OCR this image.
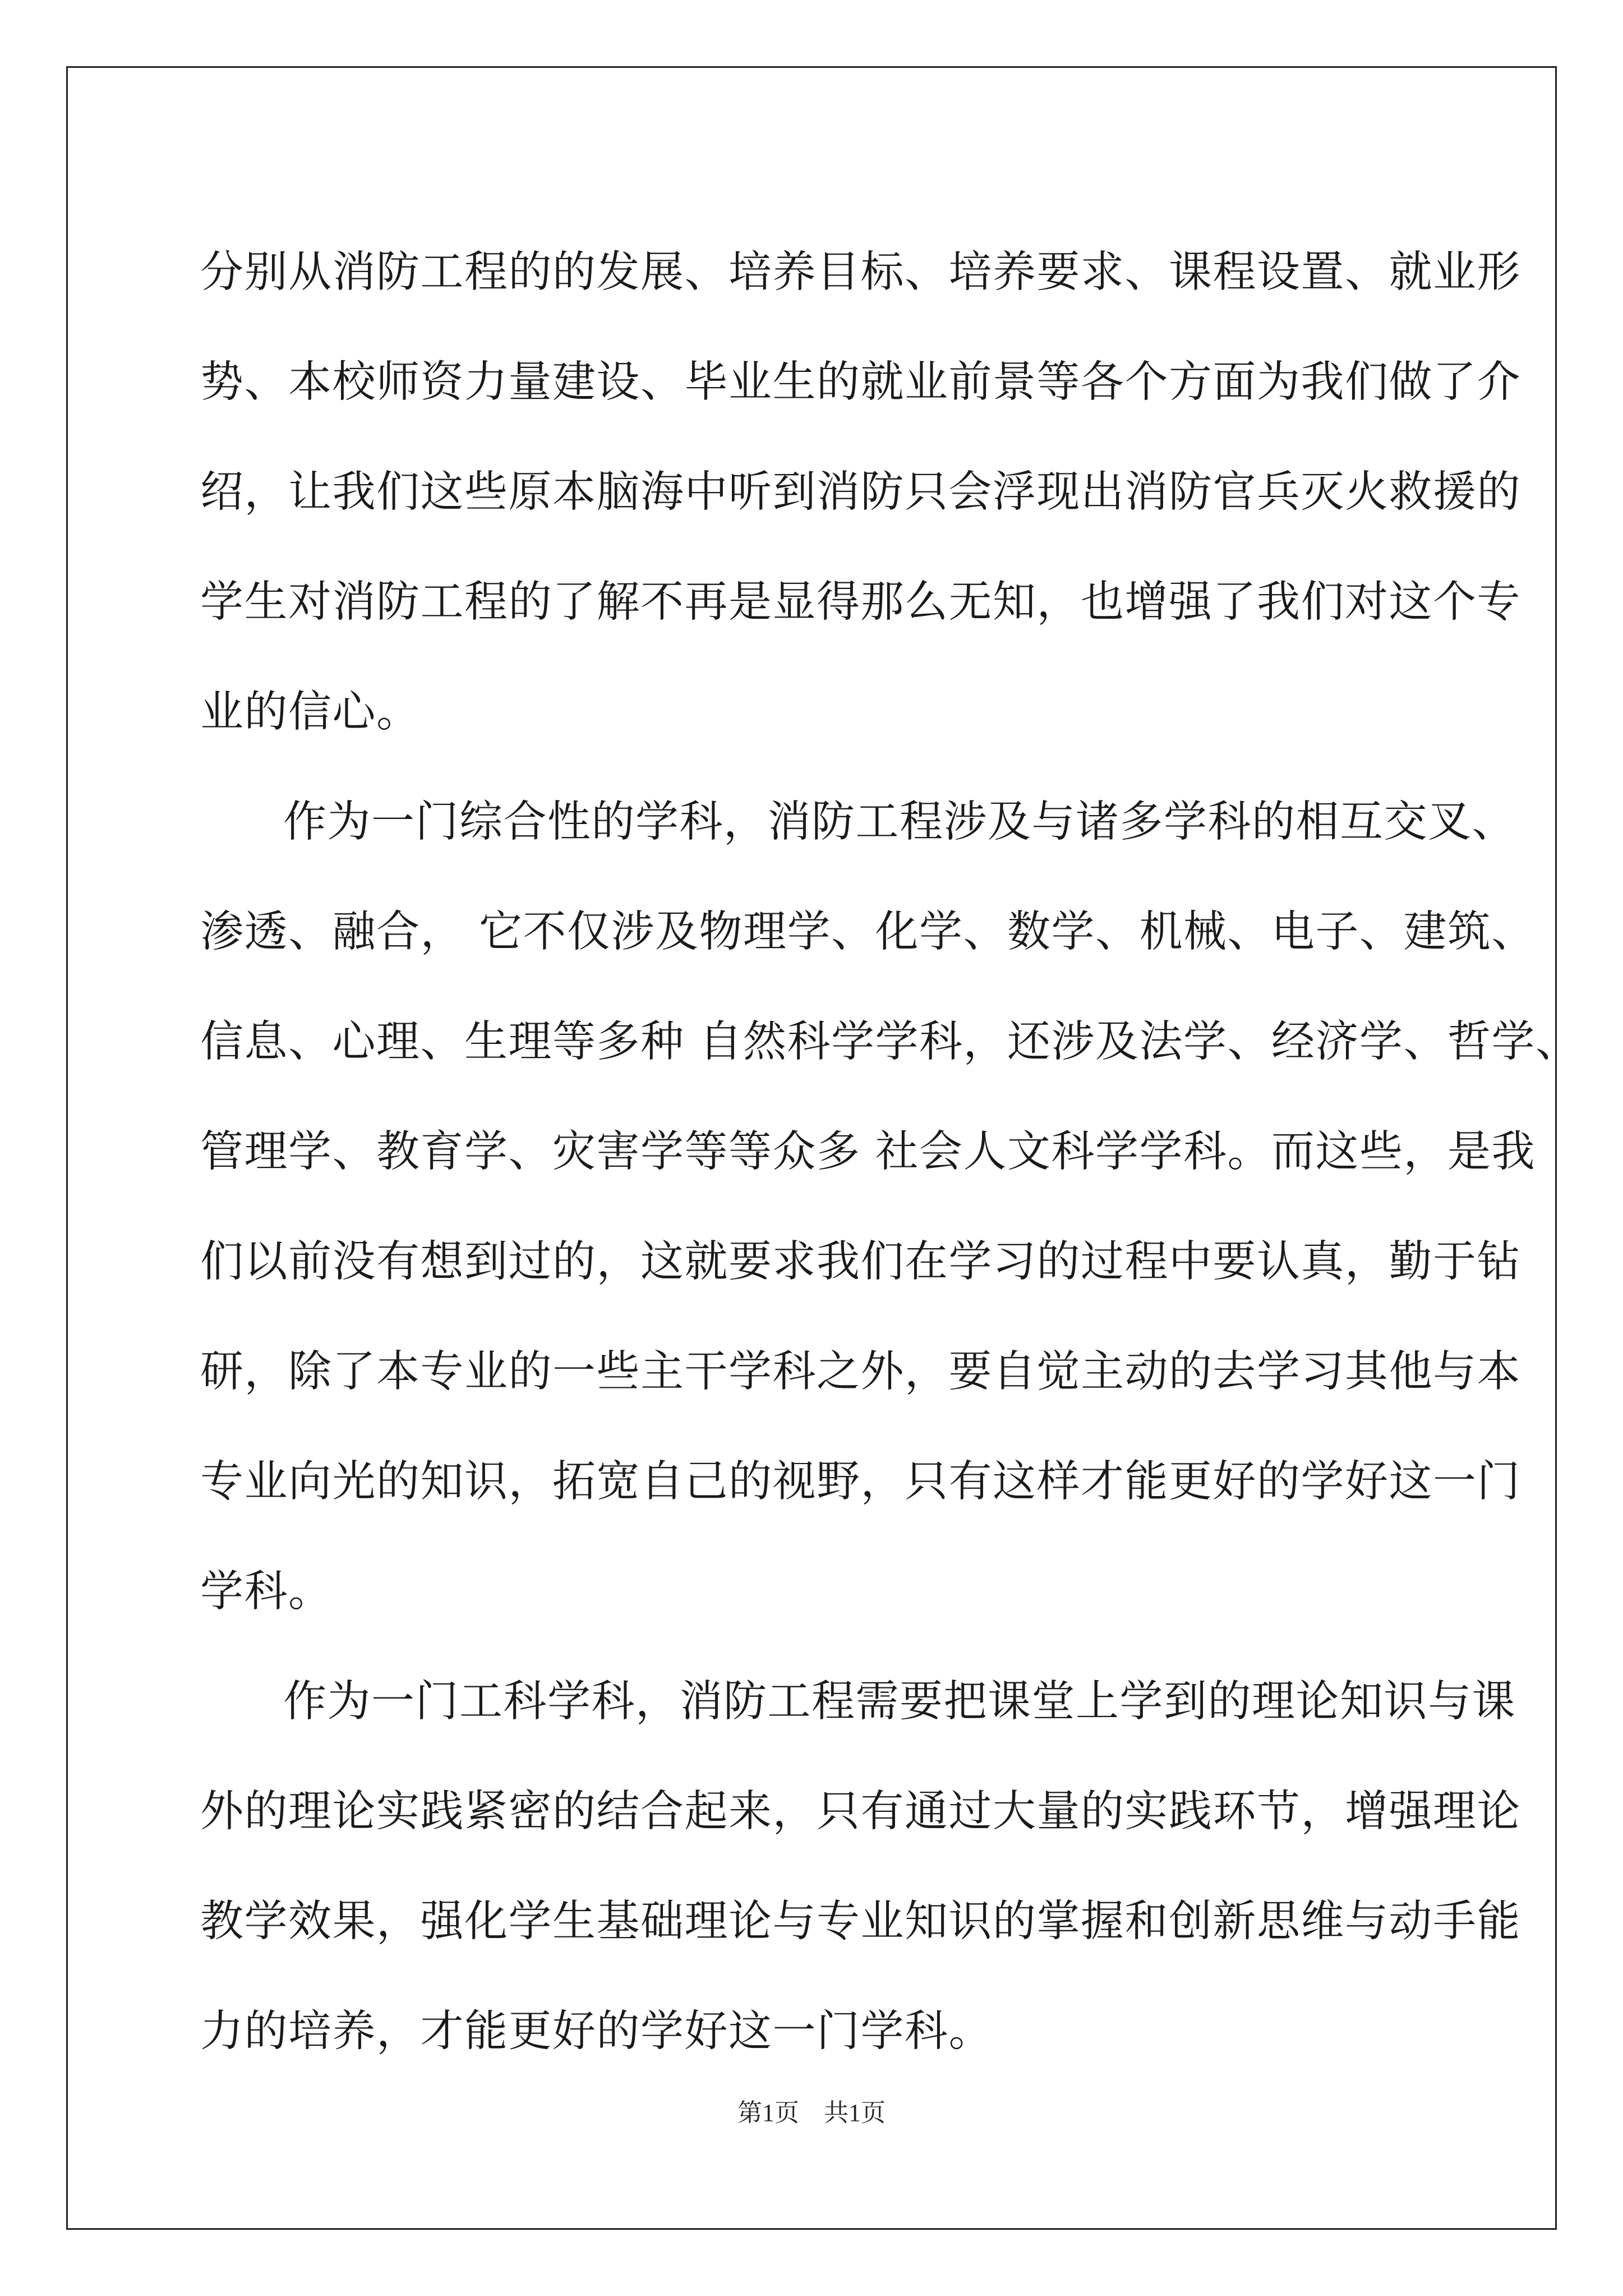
分别从消防工程的的发展、培养目标、培养要求、课程设置、就业形
势、本校师资力量建设、毕业生的就业前景等各个方面为我们做了介
绍，让我们这些原本脑海中听到消防只会浮现出消防官兵灭火救援的
学生对消防工程的了解不再是显得那么无知，也增强了我们对这个专
业的信心。
作为一门综合性的学科，消防工程涉及与诸多学科的相互交叉、
渗透、融合， 它不仅涉及物理学、化学、数学、机械、电子、建筑、
信息、心理、生理等多种 自然科学学科，还涉及法学、经济学、哲学、
管理学、教育学、灾害学等等众多 社会人文科学学科。而这些，是我
们以前没有想到过的，这就要求我们在学习的过程中要认真，勤于钻
研，除了本专业的一些主干学科之外，要自觉主动的去学习其他与本
专业向光的知识，拓宽自己的视野，只有这样才能更好的学好这一门
学科。
作为一门工科学科，消防工程需要把课堂上学到的理论知识与课
外的理论实践紧密的结合起来，只有通过大量的实践环节，增强理论
教学效果，强化学生基础理论与专业知识的掌握和创新思维与动手能
力的培养，才能更好的学好这一门学科。
第1页　共1页
